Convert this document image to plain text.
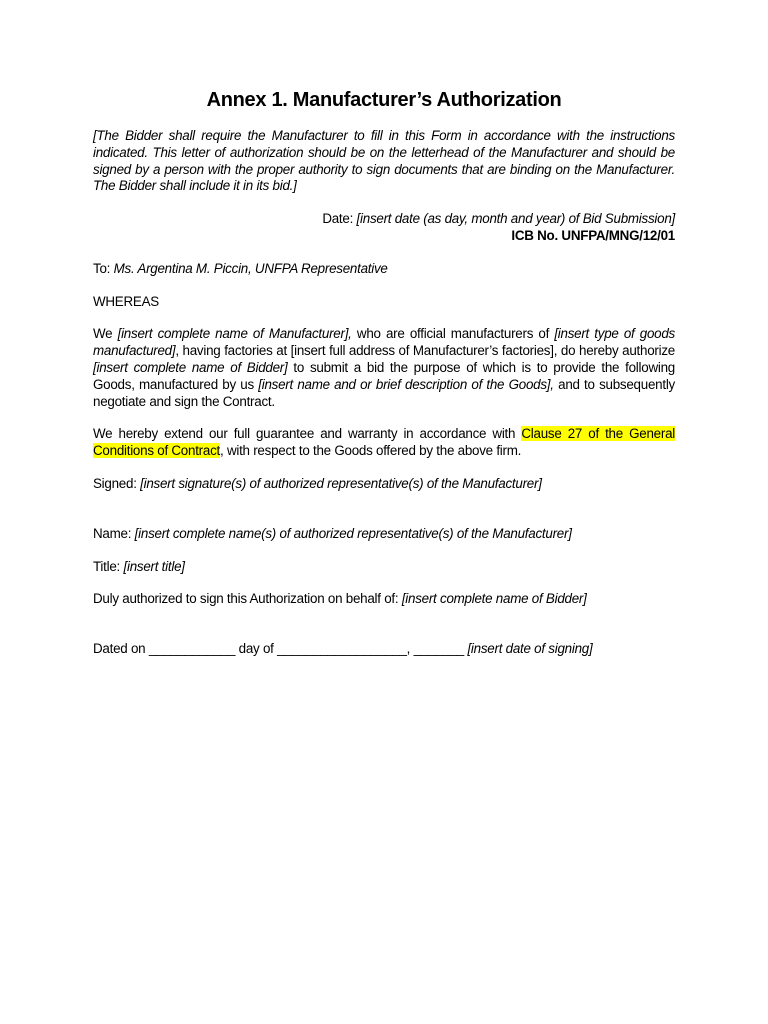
Annex 1. Manufacturer’s Authorization

[The Bidder shall require the Manufacturer to fill in this Form in accordance with the instructions indicated. This letter of authorization should be on the letterhead of the Manufacturer and should be signed by a person with the proper authority to sign documents that are binding on the Manufacturer. The Bidder shall include it in its bid.]

Date: [insert date (as day, month and year) of Bid Submission]

ICB No. UNFPA/MNG/12/01

To: Ms. Argentina M. Piccin, UNFPA Representative

WHEREAS

We [insert complete name of Manufacturer], who are official manufacturers of [insert type of goods manufactured], having factories at [insert full address of Manufacturer’s factories], do hereby authorize [insert complete name of Bidder] to submit a bid the purpose of which is to provide the following Goods, manufactured by us [insert name and or brief description of the Goods], and to subsequently negotiate and sign the Contract.

We hereby extend our full guarantee and warranty in accordance with Clause 27 of the General Conditions of Contract, with respect to the Goods offered by the above firm.

Signed: [insert signature(s) of authorized representative(s) of the Manufacturer]

Name: [insert complete name(s) of authorized representative(s) of the Manufacturer]

Title: [insert title]

Duly authorized to sign this Authorization on behalf of: [insert complete name of Bidder]

Dated on ____________ day of __________________, _______ [insert date of signing]
